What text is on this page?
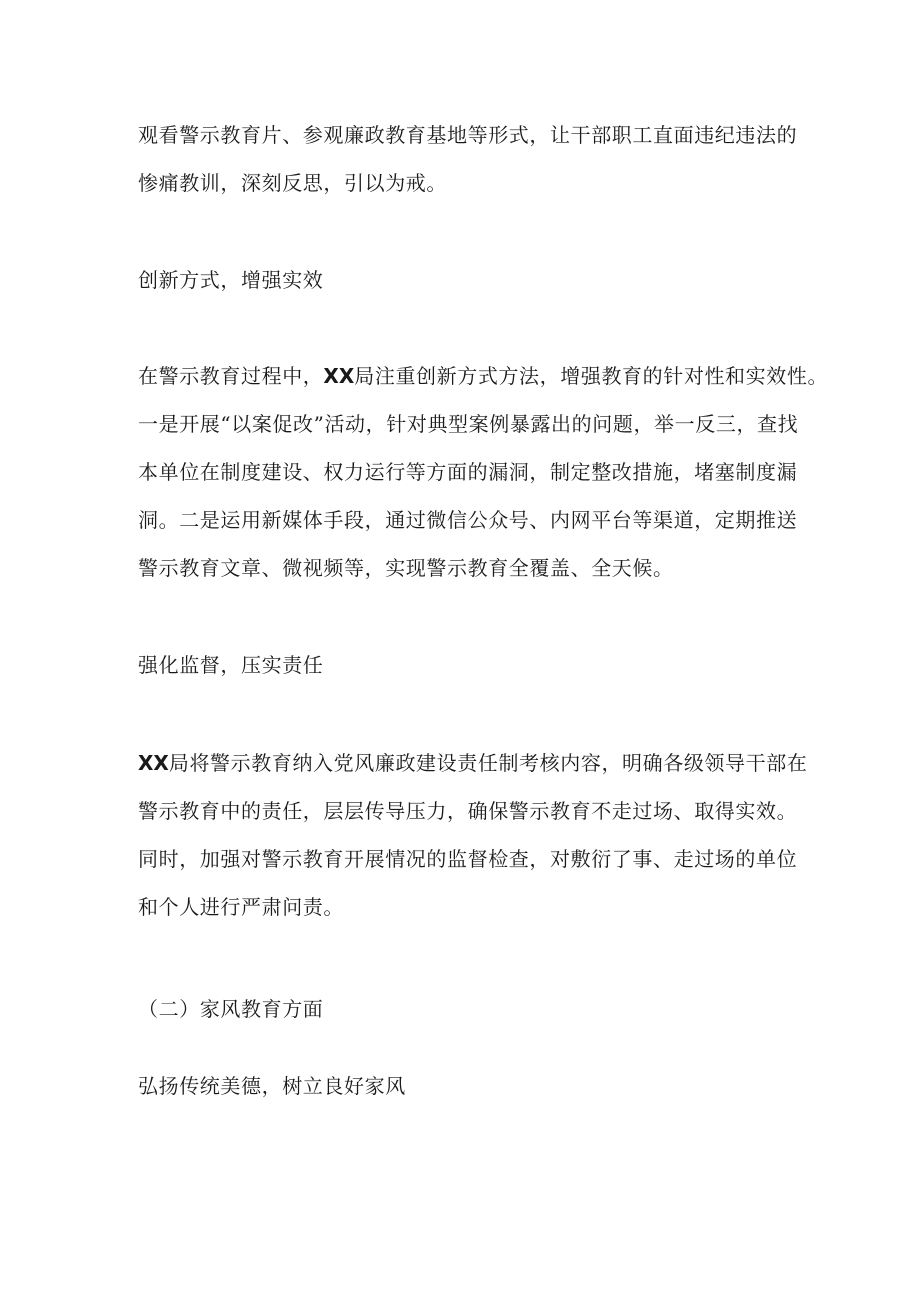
观看警示教育片、参观廉政教育基地等形式，让干部职工直面违纪违法的
惨痛教训，深刻反思，引以为戒。
创新方式，增强实效
在警示教育过程中，XX局注重创新方式方法，增强教育的针对性和实效性。
一是开展“以案促改”活动，针对典型案例暴露出的问题，举一反三，查找
本单位在制度建设、权力运行等方面的漏洞，制定整改措施，堵塞制度漏
洞。二是运用新媒体手段，通过微信公众号、内网平台等渠道，定期推送
警示教育文章、微视频等，实现警示教育全覆盖、全天候。
强化监督，压实责任
XX局将警示教育纳入党风廉政建设责任制考核内容，明确各级领导干部在
警示教育中的责任，层层传导压力，确保警示教育不走过场、取得实效。
同时，加强对警示教育开展情况的监督检查，对敷衍了事、走过场的单位
和个人进行严肃问责。
（二）家风教育方面
弘扬传统美德，树立良好家风
